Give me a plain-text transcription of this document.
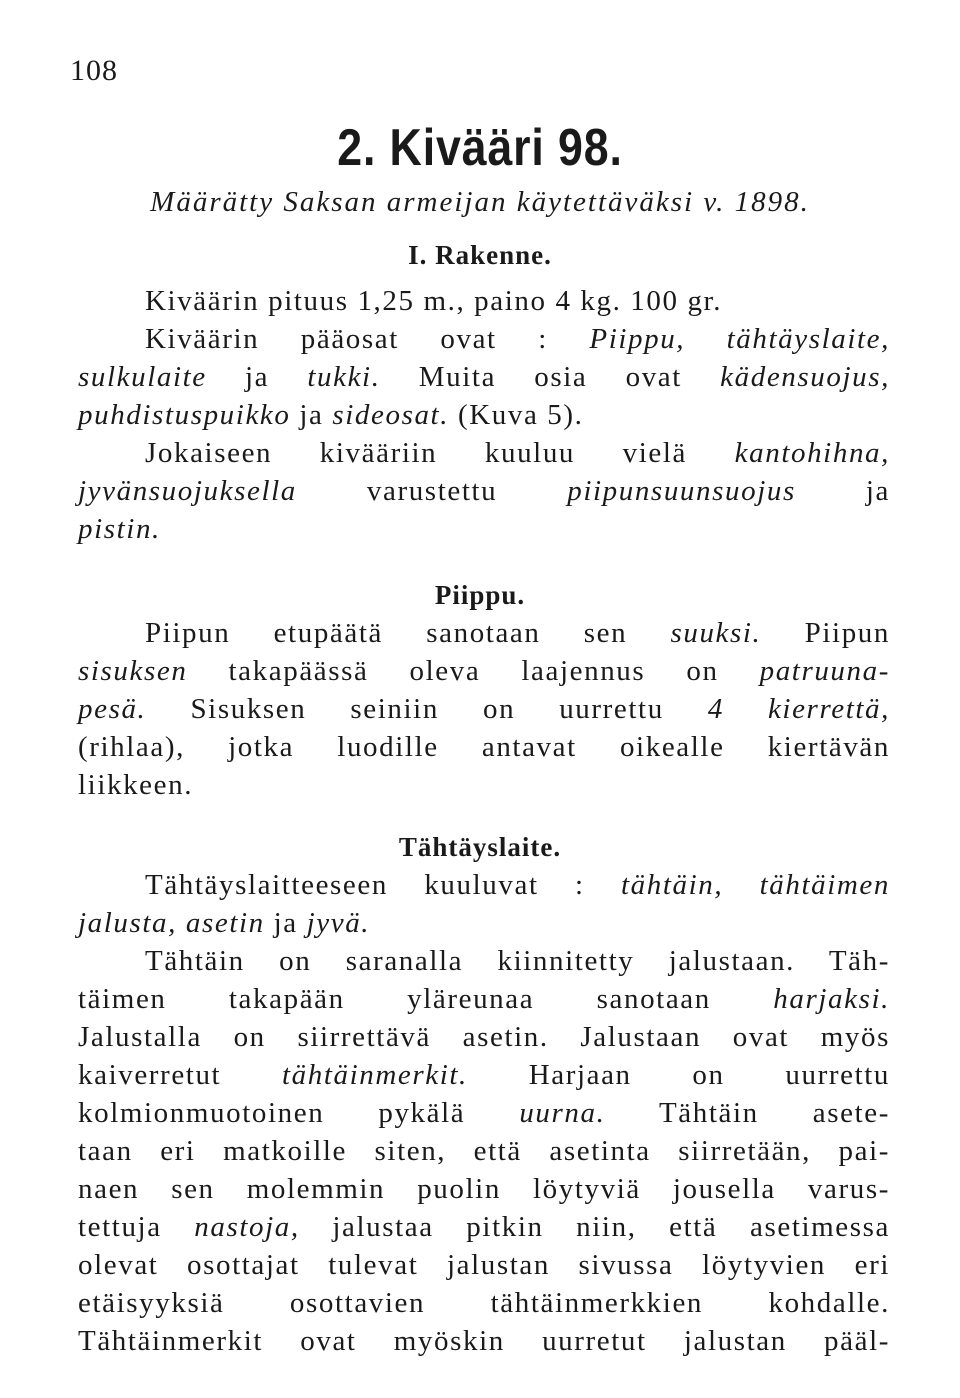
108
2. Kivääri 98.
Määrätty Saksan armeijan käytettäväksi v. 1898.
I. Rakenne.
Kiväärin pituus 1,25 m., paino 4 kg. 100 gr.
Kiväärin pääosat ovat : Piippu, tähtäyslaite,
sulkulaite ja tukki. Muita osia ovat kädensuojus,
puhdistuspuikko ja sideosat. (Kuva 5).
Jokaiseen kivääriin kuuluu vielä kantohihna,
jyvänsuojuksella varustettu piipunsuunsuojus ja
pistin.
Piippu.
Piipun etupäätä sanotaan sen suuksi. Piipun
sisuksen takapäässä oleva laajennus on patruuna-
pesä. Sisuksen seiniin on uurrettu 4 kierrettä,
(rihlaa), jotka luodille antavat oikealle kiertävän
liikkeen.
Tähtäyslaite.
Tähtäyslaitteeseen kuuluvat : tähtäin, tähtäimen
jalusta, asetin ja jyvä.
Tähtäin on saranalla kiinnitetty jalustaan. Täh-
täimen takapään yläreunaa sanotaan harjaksi.
Jalustalla on siirrettävä asetin. Jalustaan ovat myös
kaiverretut tähtäinmerkit. Harjaan on uurrettu
kolmionmuotoinen pykälä uurna. Tähtäin asete-
taan eri matkoille siten, että asetinta siirretään, pai-
naen sen molemmin puolin löytyviä jousella varus-
tettuja nastoja, jalustaa pitkin niin, että asetimessa
olevat osottajat tulevat jalustan sivussa löytyvien eri
etäisyyksiä osottavien tähtäinmerkkien kohdalle.
Tähtäinmerkit ovat myöskin uurretut jalustan pääl-
